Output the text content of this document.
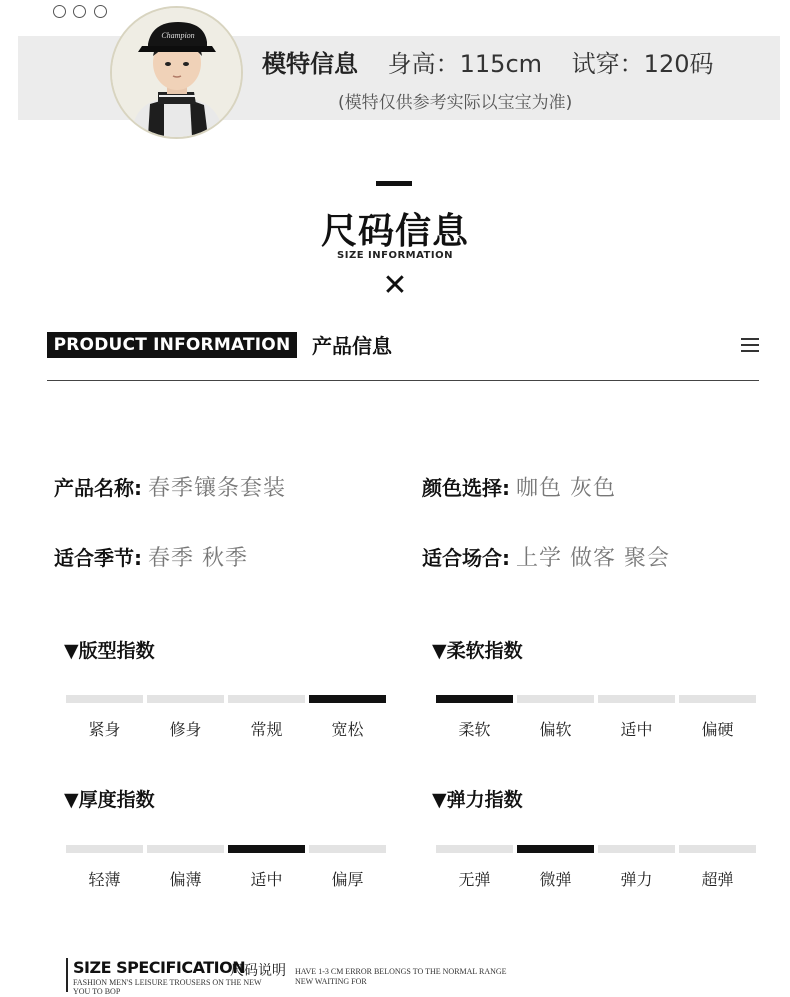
Champion
模特信息 身高：115cm 试穿：120码
(模特仅供参考实际以宝宝为准)
尺码信息
SIZE INFORMATION
✕
PRODUCT INFORMATION	产品信息
产品名称: 春季镶条套装	颜色选择: 咖色 灰色
适合季节: 春季 秋季	适合场合: 上学 做客 聚会
▼版型指数
紧身	修身	常规	宽松
▼柔软指数
柔软	偏软	适中	偏硬
▼厚度指数
轻薄	偏薄	适中	偏厚
▼弹力指数
无弹	微弹	弹力	超弹
SIZE SPECIFICATION
尺码说明
FASHION MEN'S LEISURE TROUSERS ON THE NEW
YOU TO BOP
HAVE 1-3 CM ERROR BELONGS TO THE NORMAL RANGE
NEW WAITING FOR
